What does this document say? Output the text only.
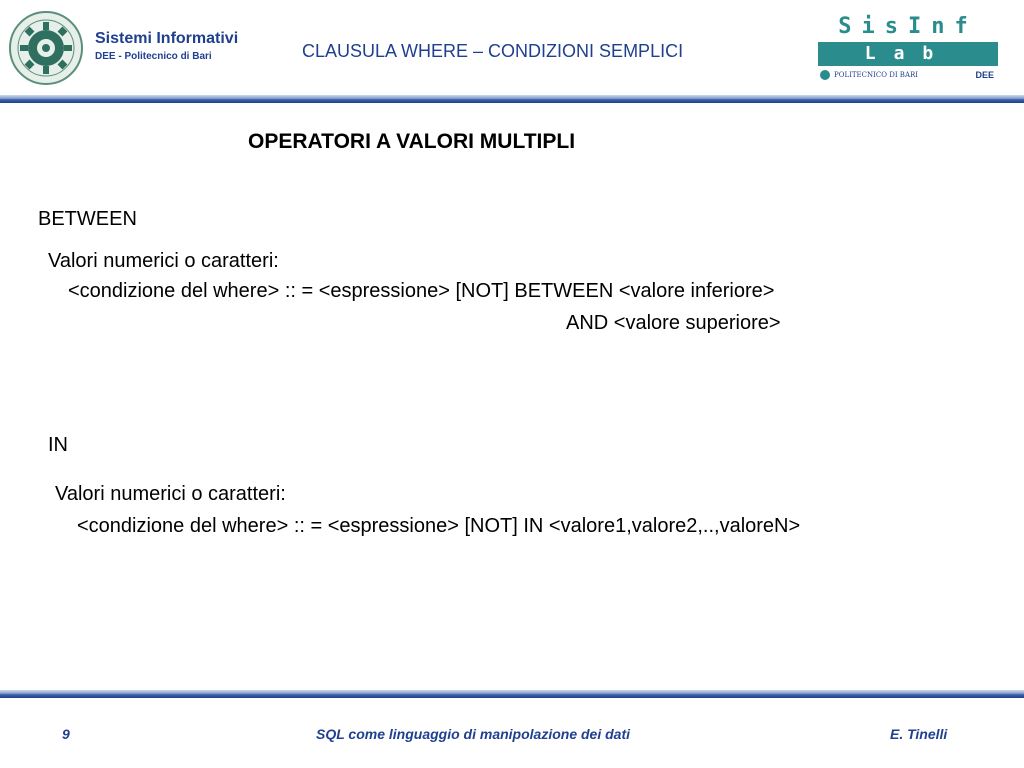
Sistemi Informativi
DEE - Politecnico di Bari	CLAUSULA WHERE – CONDIZIONI SEMPLICI
SisInf
Lab
POLITECNICO DI BARI	DEE
OPERATORI A VALORI MULTIPLI
BETWEEN
Valori numerici o caratteri:
<condizione del where> :: = <espressione> [NOT] BETWEEN <valore inferiore>
AND <valore superiore>
IN
Valori numerici o caratteri:
<condizione del where> :: = <espressione> [NOT] IN <valore1,valore2,..,valoreN>
9	SQL come linguaggio di manipolazione dei dati	E. Tinelli
